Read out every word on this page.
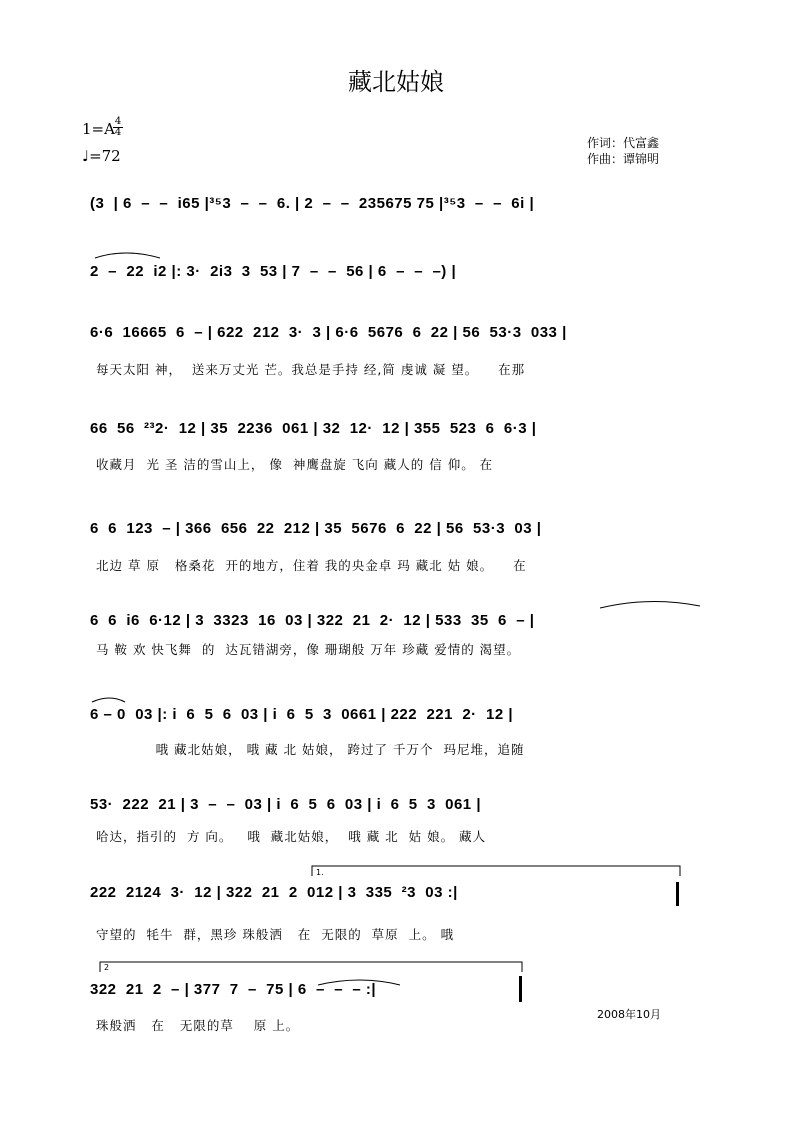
藏北姑娘
1=A 4
4
♩=72
作词：代富鑫
作曲：谭锦明
(3  | 6  –  –  i65 |³⁵3  –  –  6. | 2  –  –  235675 75 |³⁵3  –  –  6i |
2  –  22  i2 |: 3·  2i3  3  53 | 7  –  –  56 | 6  –  –  –) |
6·6  16665  6  – | 622  212  3·  3 | 6·6  5676  6  22 | 56  53·3  033 |
每天太阳 神，  送来万丈光 芒。我总是手持 经,简 虔诚 凝 望。    在那
66  56  ²³2·  12 | 35  2236  061 | 32  12·  12 | 355  523  6  6·3 |
收藏月  光 圣 洁的雪山上， 像  神鹰盘旋 飞向 藏人的 信 仰。 在
6  6  123  – | 366  656  22  212 | 35  5676  6  22 | 56  53·3  03 |
北边 草 原   格桑花  开的地方，住着 我的央金卓 玛 藏北 姑 娘。    在
6  6  i6  6·12 | 3  3323  16  03 | 322  21  2·  12 | 533  35  6  – |
马 鞍 欢 快飞舞  的  达瓦错湖旁，像 珊瑚般 万年 珍藏 爱情的 渴望。
6 – 0  03 |: i  6  5  6  03 | i  6  5  3  0661 | 222  221  2·  12 |
哦 藏北姑娘， 哦 藏 北 姑娘， 跨过了 千万个  玛尼堆，追随
53·  222  21 | 3  –  –  03 | i  6  5  6  03 | i  6  5  3  061 |
哈达，指引的  方 向。   哦  藏北姑娘，  哦 藏 北  姑 娘。 藏人
222  2124  3·  12 | 322  21  2  012 | 3  335  ²3  03 :|
守望的  牦牛  群，黑珍 珠般洒   在  无限的  草原  上。 哦
322  21  2  – | 377  7  –  75 | 6  –  –  – :|
珠般洒   在   无限的草    原 上。
1.
2
2008年10月
